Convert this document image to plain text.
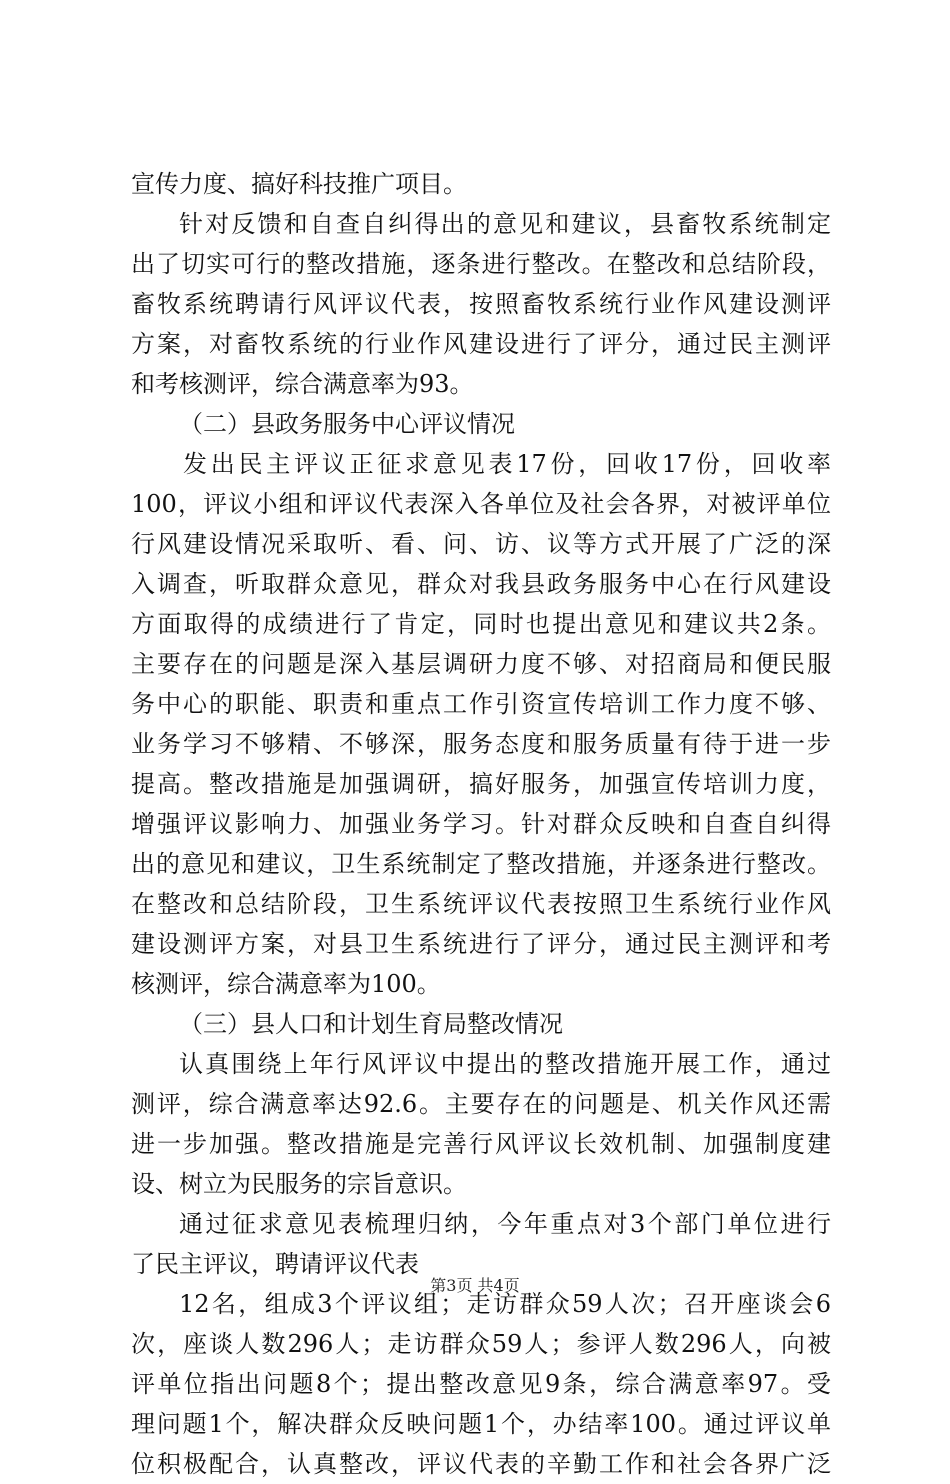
宣传力度、搞好科技推广项目。
针对反馈和自查自纠得出的意见和建议，县畜牧系统制定
出了切实可行的整改措施，逐条进行整改。在整改和总结阶段，
畜牧系统聘请行风评议代表，按照畜牧系统行业作风建设测评
方案，对畜牧系统的行业作风建设进行了评分，通过民主测评
和考核测评，综合满意率为93。
（二）县政务服务中心评议情况
发出民主评议正征求意见表17份，回收17份，回收率
100，评议小组和评议代表深入各单位及社会各界，对被评单位
行风建设情况采取听、看、问、访、议等方式开展了广泛的深
入调查，听取群众意见，群众对我县政务服务中心在行风建设
方面取得的成绩进行了肯定，同时也提出意见和建议共2条。
主要存在的问题是深入基层调研力度不够、对招商局和便民服
务中心的职能、职责和重点工作引资宣传培训工作力度不够、
业务学习不够精、不够深，服务态度和服务质量有待于进一步
提高。整改措施是加强调研，搞好服务，加强宣传培训力度，
增强评议影响力、加强业务学习。针对群众反映和自查自纠得
出的意见和建议，卫生系统制定了整改措施，并逐条进行整改。
在整改和总结阶段，卫生系统评议代表按照卫生系统行业作风
建设测评方案，对县卫生系统进行了评分，通过民主测评和考
核测评，综合满意率为100。
（三）县人口和计划生育局整改情况
认真围绕上年行风评议中提出的整改措施开展工作，通过
测评，综合满意率达92.6。主要存在的问题是、机关作风还需
进一步加强。整改措施是完善行风评议长效机制、加强制度建
设、树立为民服务的宗旨意识。
通过征求意见表梳理归纳，今年重点对3个部门单位进行
了民主评议，聘请评议代表
12名，组成3个评议组；走访群众59人次；召开座谈会6
次，座谈人数296人；走访群众59人；参评人数296人，向被
评单位指出问题8个；提出整改意见9条，综合满意率97。受
理问题1个，解决群众反映问题1个，办结率100。通过评议单
位积极配合，认真整改，评议代表的辛勤工作和社会各界广泛
第3页 共4页
